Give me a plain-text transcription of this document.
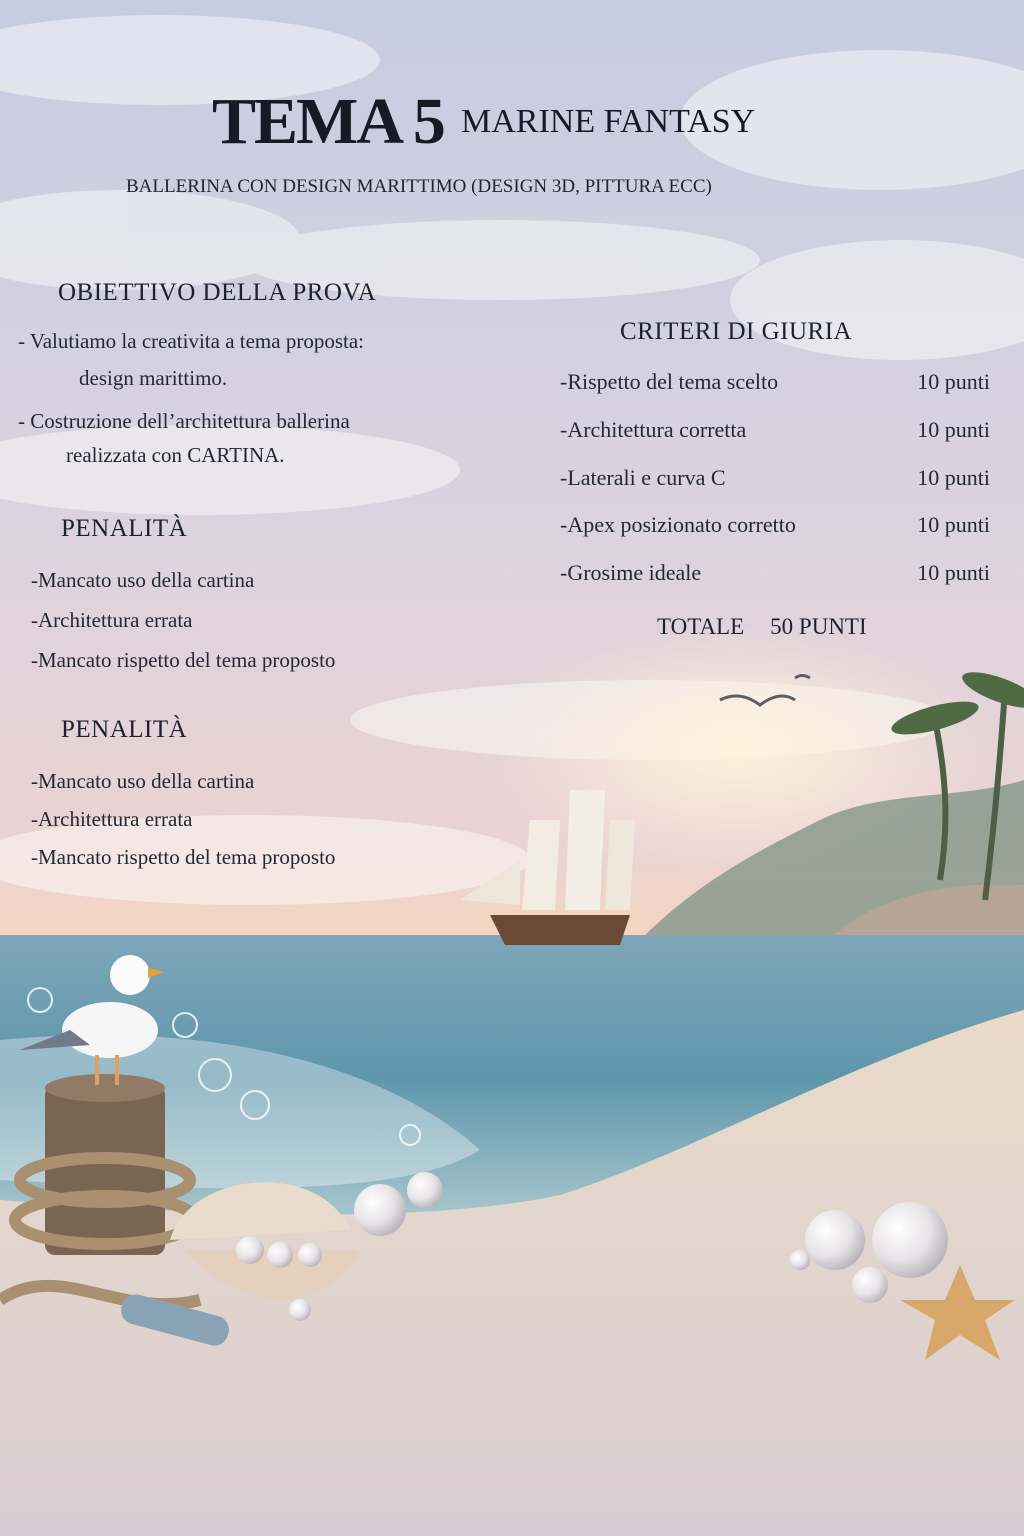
TEMA 5 MARINE FANTASY
BALLERINA CON DESIGN MARITTIMO (DESIGN 3D, PITTURA ECC)
OBIETTIVO DELLA PROVA
- Valutiamo la creativita a tema proposta:
design marittimo.
- Costruzione dell’architettura ballerina
realizzata con CARTINA.
PENALITÀ
-Mancato uso della cartina
-Architettura errata
-Mancato rispetto del tema proposto
PENALITÀ
-Mancato uso della cartina
-Architettura errata
-Mancato rispetto del tema proposto
CRITERI DI GIURIA
-Rispetto del tema scelto	10 punti
-Architettura corretta	10 punti
-Laterali e curva C	10 punti
-Apex posizionato corretto	10 punti
-Grosime ideale	10 punti
TOTALE 50 PUNTI
